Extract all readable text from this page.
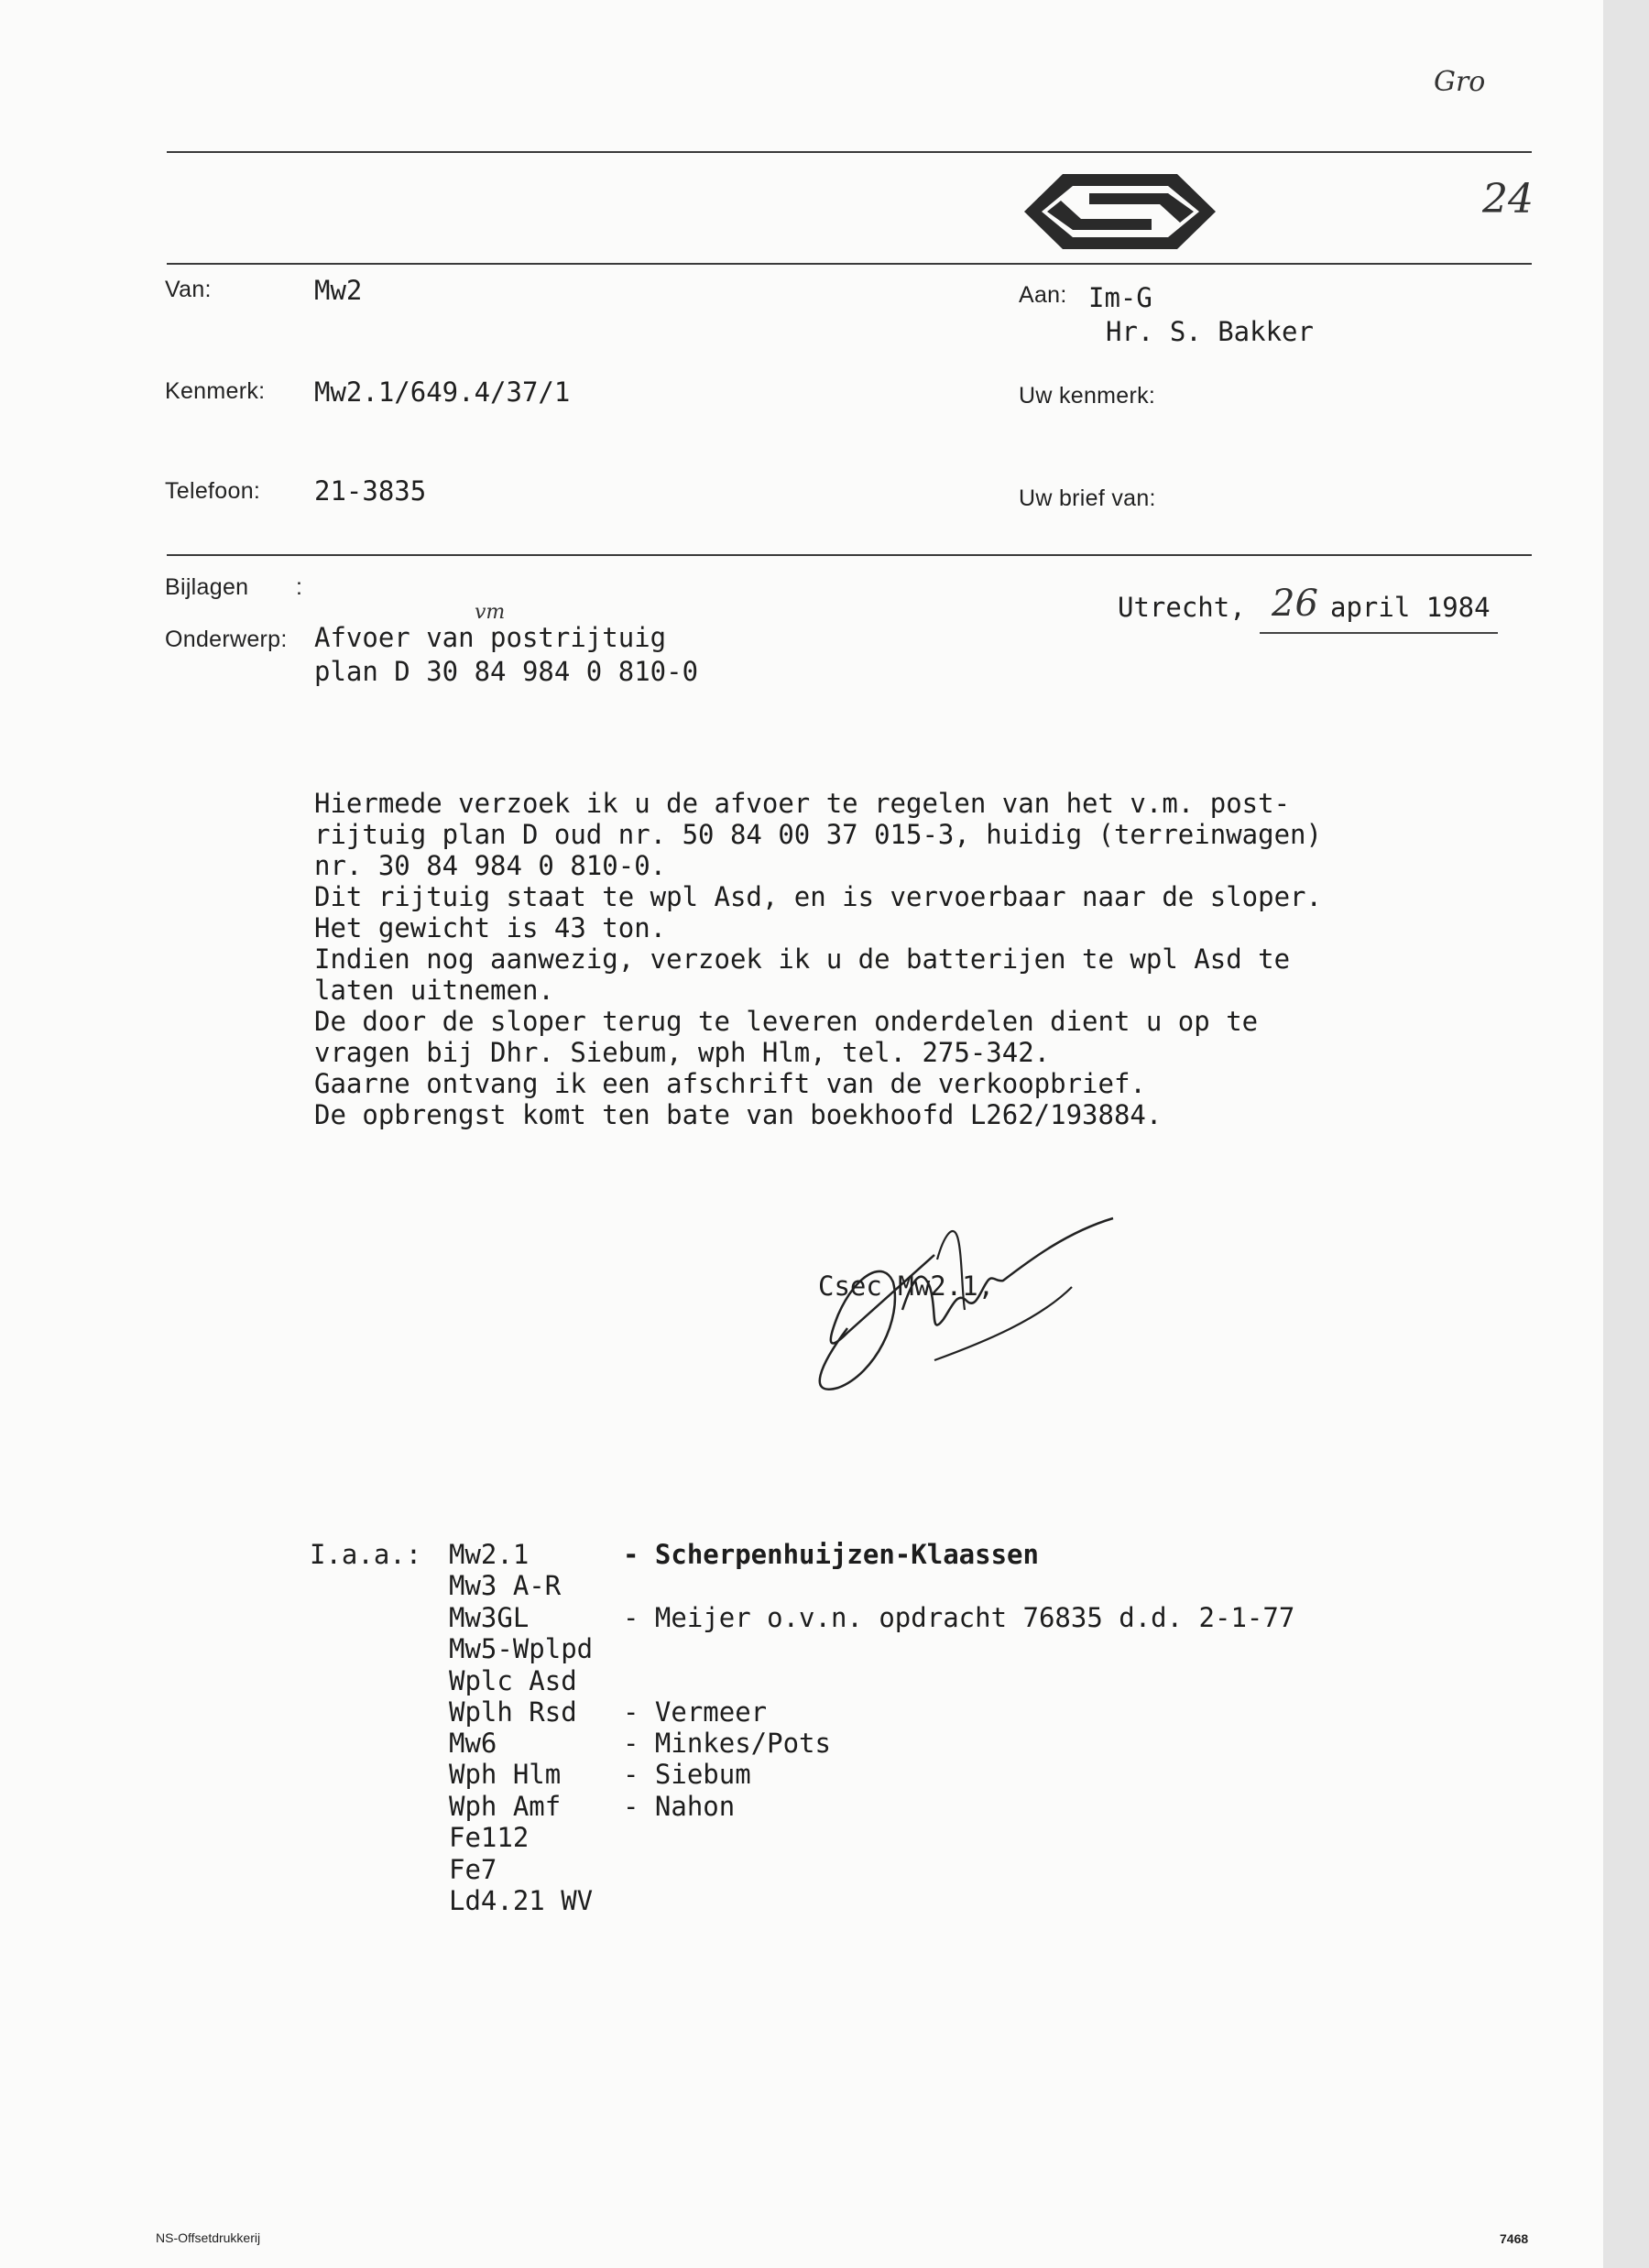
Gro
24
Van:	Mw2
Kenmerk: Mw2.1/649.4/37/1
Telefoon: 21-3835
Aan: Im-G
Hr. S. Bakker
Uw kenmerk:
Uw brief van:
Bijlagen :
vm
Onderwerp: Afvoer van postrijtuig
plan D 30 84 984 0 810-0
Utrecht, 26 april 1984
Hiermede verzoek ik u de afvoer te regelen van het v.m. post-
rijtuig plan D oud nr. 50 84 00 37 015-3, huidig (terreinwagen)
nr. 30 84 984 0 810-0.
Dit rijtuig staat te wpl Asd, en is vervoerbaar naar de sloper.
Het gewicht is 43 ton.
Indien nog aanwezig, verzoek ik u de batterijen te wpl Asd te
laten uitnemen.
De door de sloper terug te leveren onderdelen dient u op te
vragen bij Dhr. Siebum, wph Hlm, tel. 275-342.
Gaarne ontvang ik een afschrift van de verkoopbrief.
De opbrengst komt ten bate van boekhoofd L262/193884.
Csec Mw2.1,
I.a.a.: Mw2.1	- Scherpenhuijzen-Klaassen
Mw3 A-R
Mw3GL	- Meijer o.v.n. opdracht 76835 d.d. 2-1-77
Mw5-Wplpd
Wplc Asd
Wplh Rsd - Vermeer
Mw6	- Minkes/Pots
Wph Hlm - Siebum
Wph Amf - Nahon
Fe112
Fe7
Ld4.21 WV
NS-Offsetdrukkerij	7468
